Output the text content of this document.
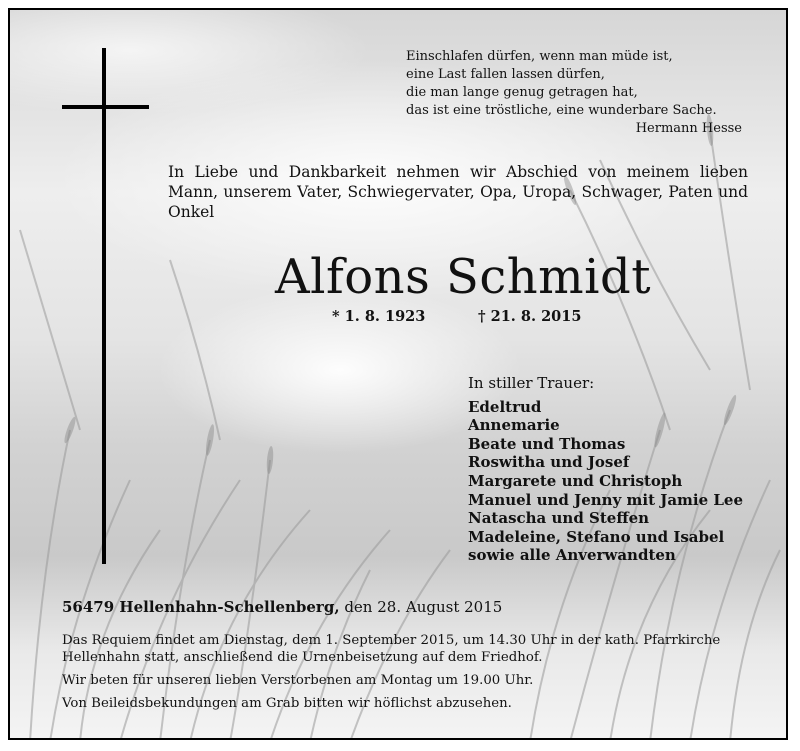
Einschlafen dürfen, wenn man müde ist,
eine Last fallen lassen dürfen,
die man lange genug getragen hat,
das ist eine tröstliche, eine wunderbare Sache.
Hermann Hesse
In Liebe und Dankbarkeit nehmen wir Abschied von meinem lieben Mann, unserem Vater, Schwiegervater, Opa, Uropa, Schwager, Paten und Onkel
Alfons Schmidt
* 1. 8. 1923	† 21. 8. 2015
In stiller Trauer:
Edeltrud
Annemarie
Beate und Thomas
Roswitha und Josef
Margarete und Christoph
Manuel und Jenny mit Jamie Lee
Natascha und Steffen
Madeleine, Stefano und Isabel
sowie alle Anverwandten
56479 Hellenhahn-Schellenberg, den 28. August 2015

Das Requiem findet am Dienstag, dem 1. September 2015, um 14.30 Uhr in der kath. Pfarrkirche Hellenhahn statt, anschließend die Urnenbeisetzung auf dem Friedhof.

Wir beten für unseren lieben Verstorbenen am Montag um 19.00 Uhr.

Von Beileidsbekundungen am Grab bitten wir höflichst abzusehen.
